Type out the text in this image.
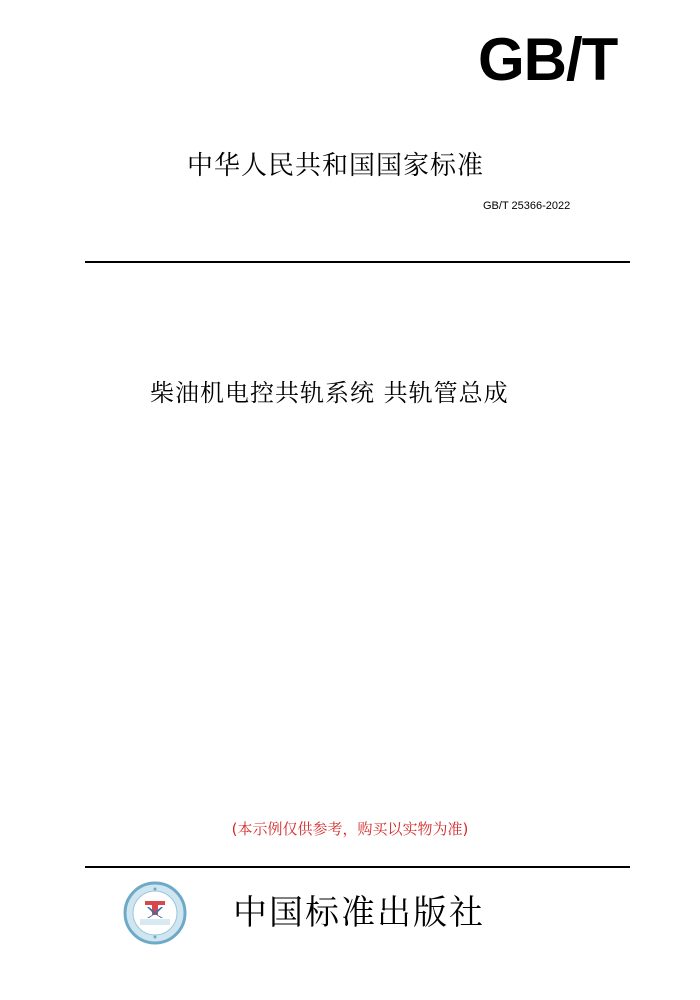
GB/T
中华人民共和国国家标准
GB/T 25366-2022
柴油机电控共轨系统 共轨管总成
(本示例仅供参考，购买以实物为准)
中国标准出版社
